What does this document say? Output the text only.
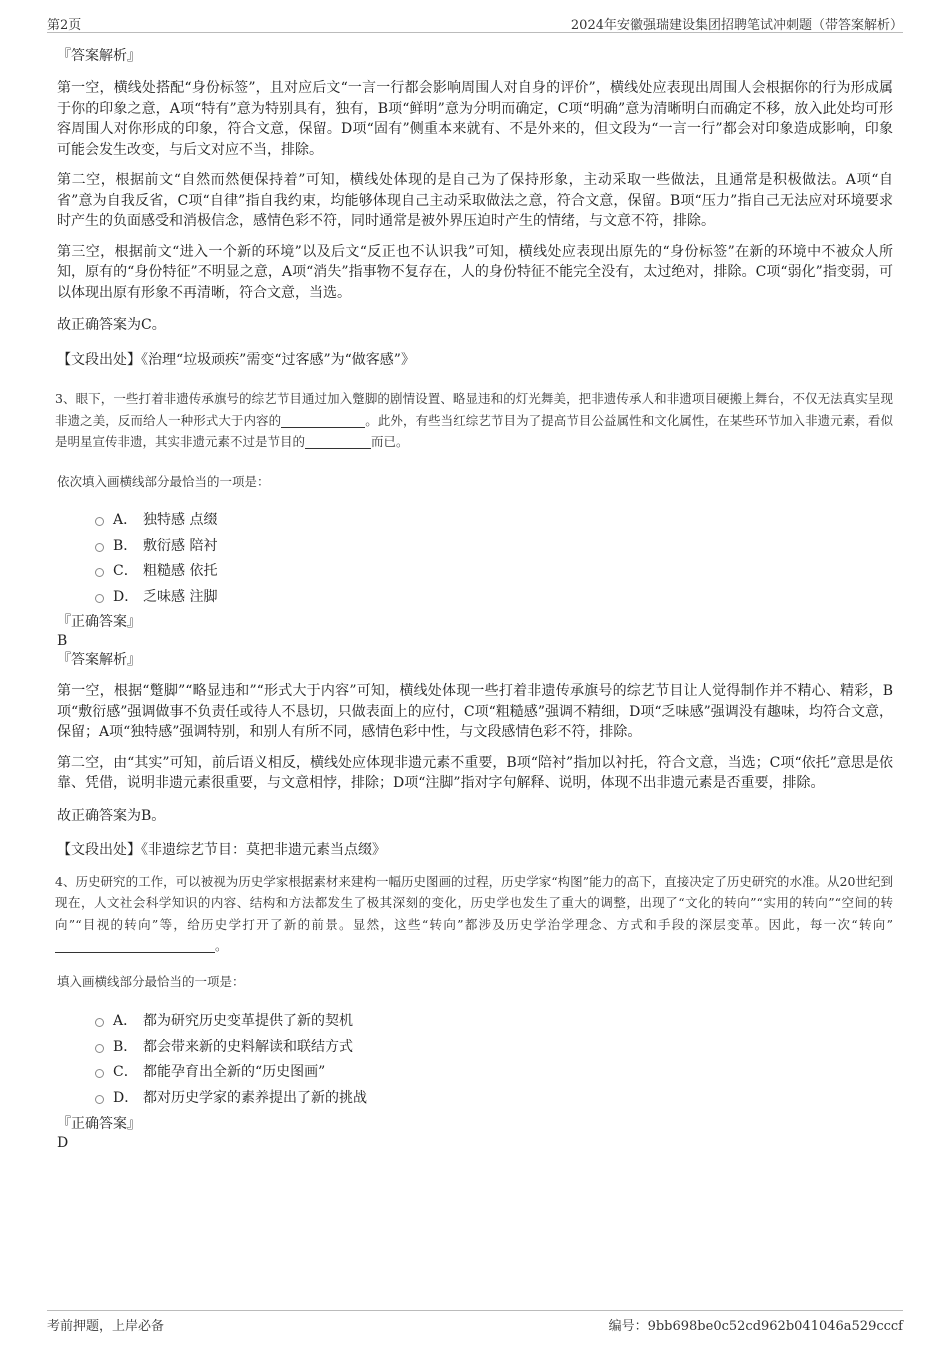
第2页	2024年安徽强瑞建设集团招聘笔试冲刺题（带答案解析）
『答案解析』

第一空，横线处搭配“身份标签”，且对应后文“一言一行都会影响周围人对自身的评价”，横线处应表现出周围人会根据你的行为形成属于你的印象之意，A项“特有”意为特别具有，独有，B项“鲜明”意为分明而确定，C项“明确”意为清晰明白而确定不移，放入此处均可形容周围人对你形成的印象，符合文意，保留。D项“固有”侧重本来就有、不是外来的，但文段为“一言一行”都会对印象造成影响，印象可能会发生改变，与后文对应不当，排除。

第二空，根据前文“自然而然便保持着”可知，横线处体现的是自己为了保持形象，主动采取一些做法，且通常是积极做法。A项“自省”意为自我反省，C项“自律”指自我约束，均能够体现自己主动采取做法之意，符合文意，保留。B项“压力”指自己无法应对环境要求时产生的负面感受和消极信念，感情色彩不符，同时通常是被外界压迫时产生的情绪，与文意不符，排除。

第三空，根据前文“进入一个新的环境”以及后文“反正也不认识我”可知，横线处应表现出原先的“身份标签”在新的环境中不被众人所知，原有的“身份特征”不明显之意，A项“消失”指事物不复存在，人的身份特征不能完全没有，太过绝对，排除。C项“弱化”指变弱，可以体现出原有形象不再清晰，符合文意，当选。

故正确答案为C。

【文段出处】《治理“垃圾顽疾”需变“过客感”为“做客感”》

3、眼下，一些打着非遗传承旗号的综艺节目通过加入蹩脚的剧情设置、略显违和的灯光舞美，把非遗传承人和非遗项目硬搬上舞台，不仅无法真实呈现非遗之美，反而给人一种形式大于内容的	。此外，有些当红综艺节目为了提高节目公益属性和文化属性，在某些环节加入非遗元素，看似是明星宣传非遗，其实非遗元素不过是节目的	而已。
依次填入画横线部分最恰当的一项是：
A． 独特感 点缀
B． 敷衍感 陪衬
C． 粗糙感 依托
D． 乏味感 注脚
『正确答案』
B
『答案解析』

第一空，根据“蹩脚”“略显违和”“形式大于内容”可知，横线处体现一些打着非遗传承旗号的综艺节目让人觉得制作并不精心、精彩，B项“敷衍感”强调做事不负责任或待人不恳切，只做表面上的应付，C项“粗糙感”强调不精细，D项“乏味感”强调没有趣味，均符合文意，保留；A项“独特感”强调特别，和别人有所不同，感情色彩中性，与文段感情色彩不符，排除。

第二空，由“其实”可知，前后语义相反，横线处应体现非遗元素不重要，B项“陪衬”指加以衬托，符合文意，当选；C项“依托”意思是依靠、凭借，说明非遗元素很重要，与文意相悖，排除；D项“注脚”指对字句解释、说明，体现不出非遗元素是否重要，排除。

故正确答案为B。

【文段出处】《非遗综艺节目：莫把非遗元素当点缀》

4、历史研究的工作，可以被视为历史学家根据素材来建构一幅历史图画的过程，历史学家“构图”能力的高下，直接决定了历史研究的水准。从20世纪到现在，人文社会科学知识的内容、结构和方法都发生了极其深刻的变化，历史学也发生了重大的调整，出现了“文化的转向”“实用的转向”“空间的转向”“目视的转向”等，给历史学打开了新的前景。显然，这些“转向”都涉及历史学治学理念、方式和手段的深层变革。因此，每一次“转向”。
填入画横线部分最恰当的一项是：
A． 都为研究历史变革提供了新的契机
B． 都会带来新的史料解读和联结方式
C． 都能孕育出全新的“历史图画”
D． 都对历史学家的素养提出了新的挑战
『正确答案』
D
考前押题，上岸必备	编号：9bb698be0c52cd962b041046a529cccf
